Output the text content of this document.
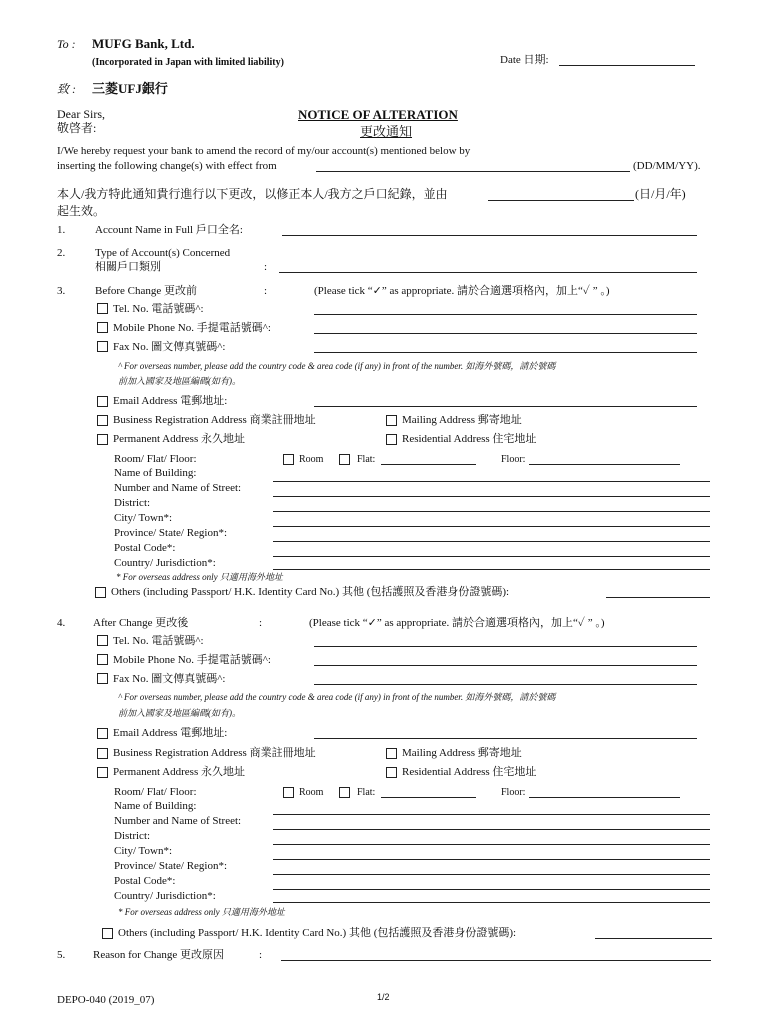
To : MUFG Bank, Ltd.
(Incorporated in Japan with limited liability)	Date 日期:
致 : 三菱UFJ銀行
Dear Sirs,
敬啓者:
NOTICE OF ALTERATION
更改通知
I/We hereby request your bank to amend the record of my/our account(s) mentioned below by
inserting the following change(s) with effect from	(DD/MM/YY).
本人/我方特此通知貴行進行以下更改，以修正本人/我方之戶口紀錄，並由	(日/月/年)
起生效。
1.	Account Name in Full 戶口全名:
2.	Type of Account(s) Concerned
相關戶口類別	:
3.	Before Change 更改前	:	(Please tick “✓” as appropriate. 請於合適選項格內，加上“✓ ” 。)
Tel. No. 電話號碼^:
Mobile Phone No. 手提電話號碼^:
Fax No. 圖文傳真號碼^:
^ For overseas number, please add the country code & area code (if any) in front of the number. 如海外號碼，請於號碼
前加入國家及地區編碼(如有)。
Email Address 電郵地址:
Business Registration Address 商業註冊地址	Mailing Address 郵寄地址
Permanent Address 永久地址	Residential Address 住宅地址
Room/ Flat/ Floor:	Room	Flat:	Floor:
Name of Building:
Number and Name of Street:
District:
City/ Town*:
Province/ State/ Region*:
Postal Code*:
Country/ Jurisdiction*:
* For overseas address only 只適用海外地址
Others (including Passport/ H.K. Identity Card No.) 其他 (包括護照及香港身份證號碼):
4.	After Change 更改後	:	(Please tick “✓” as appropriate. 請於合適選項格內，加上“✓ ” 。)
Tel. No. 電話號碼^:
Mobile Phone No. 手提電話號碼^:
Fax No. 圖文傳真號碼^:
^ For overseas number, please add the country code & area code (if any) in front of the number. 如海外號碼，請於號碼
前加入國家及地區編碼(如有)。
Email Address 電郵地址:
Business Registration Address 商業註冊地址	Mailing Address 郵寄地址
Permanent Address 永久地址	Residential Address 住宅地址
Room/ Flat/ Floor:	Room	Flat:	Floor:
Name of Building:
Number and Name of Street:
District:
City/ Town*:
Province/ State/ Region*:
Postal Code*:
Country/ Jurisdiction*:
* For overseas address only 只適用海外地址
Others (including Passport/ H.K. Identity Card No.) 其他 (包括護照及香港身份證號碼):
5.	Reason for Change 更改原因	:
DEPO-040 (2019_07)	1/2
